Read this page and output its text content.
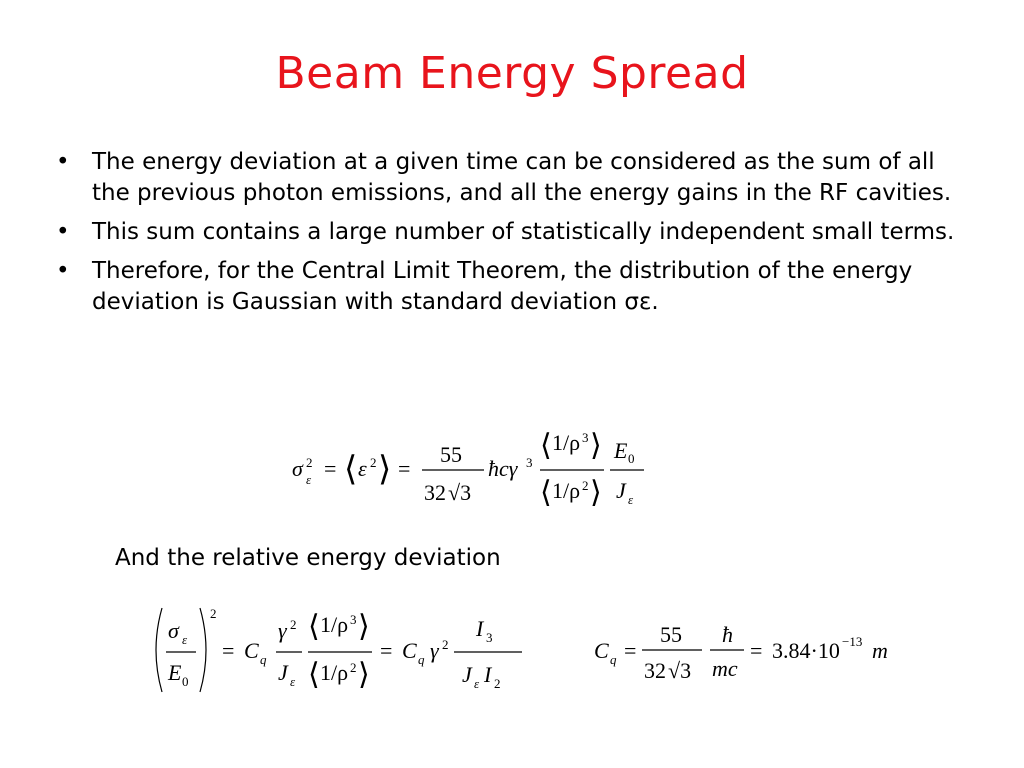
Beam Energy Spread
• The energy deviation at a given time can be considered as the sum of all the previous photon emissions, and all the energy gains in the RF cavities.
• This sum contains a large number of statistically independent small terms.
• Therefore, for the Central Limit Theorem, the distribution of the energy deviation is Gaussian with standard deviation σε.
σ 2
ε = ⟨ ε 2 ⟩ =
55
32 √3
ħcγ 3
⟨ 1/ρ 3 ⟩
⟨ 1/ρ 2 ⟩
E 0
J ε
And the relative energy deviation
σ ε
E 0
2
= C q
γ 2
J ε
⟨ 1/ρ 3 ⟩
⟨ 1/ρ 2 ⟩
= C q γ 2
I 3
J ε I 2
C q =
55
32 √3
ħ
mc
= 3.84·10 −13 m
